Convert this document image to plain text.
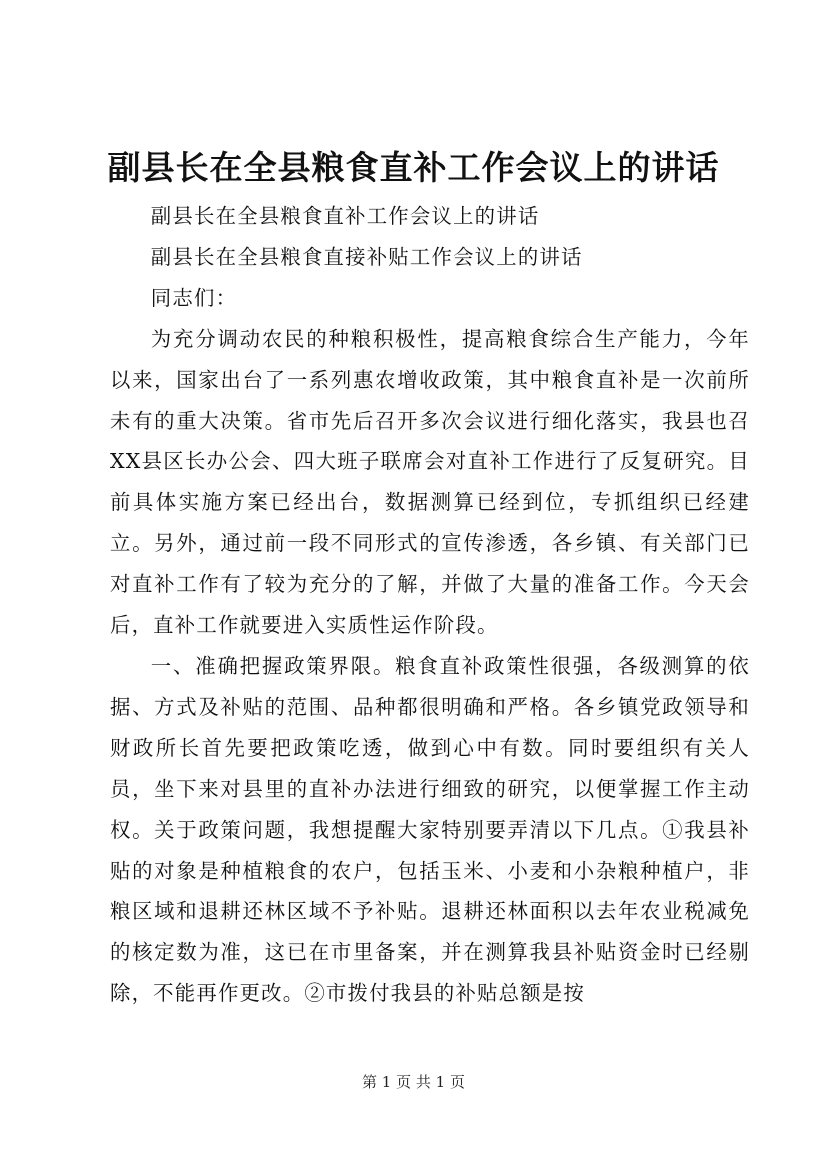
副县长在全县粮食直补工作会议上的讲话

副县长在全县粮食直补工作会议上的讲话

副县长在全县粮食直接补贴工作会议上的讲话

同志们：

为充分调动农民的种粮积极性，提高粮食综合生产能力，今年以来，国家出台了一系列惠农增收政策，其中粮食直补是一次前所未有的重大决策。省市先后召开多次会议进行细化落实，我县也召XX县区长办公会、四大班子联席会对直补工作进行了反复研究。目前具体实施方案已经出台，数据测算已经到位，专抓组织已经建立。另外，通过前一段不同形式的宣传渗透，各乡镇、有关部门已对直补工作有了较为充分的了解，并做了大量的准备工作。今天会后，直补工作就要进入实质性运作阶段。

一、准确把握政策界限。粮食直补政策性很强，各级测算的依据、方式及补贴的范围、品种都很明确和严格。各乡镇党政领导和财政所长首先要把政策吃透，做到心中有数。同时要组织有关人员，坐下来对县里的直补办法进行细致的研究，以便掌握工作主动权。关于政策问题，我想提醒大家特别要弄清以下几点。①我县补贴的对象是种植粮食的农户，包括玉米、小麦和小杂粮种植户，非粮区域和退耕还林区域不予补贴。退耕还林面积以去年农业税减免的核定数为准，这已在市里备案，并在测算我县补贴资金时已经剔除，不能再作更改。②市拨付我县的补贴总额是按

第 1 页 共 1 页
